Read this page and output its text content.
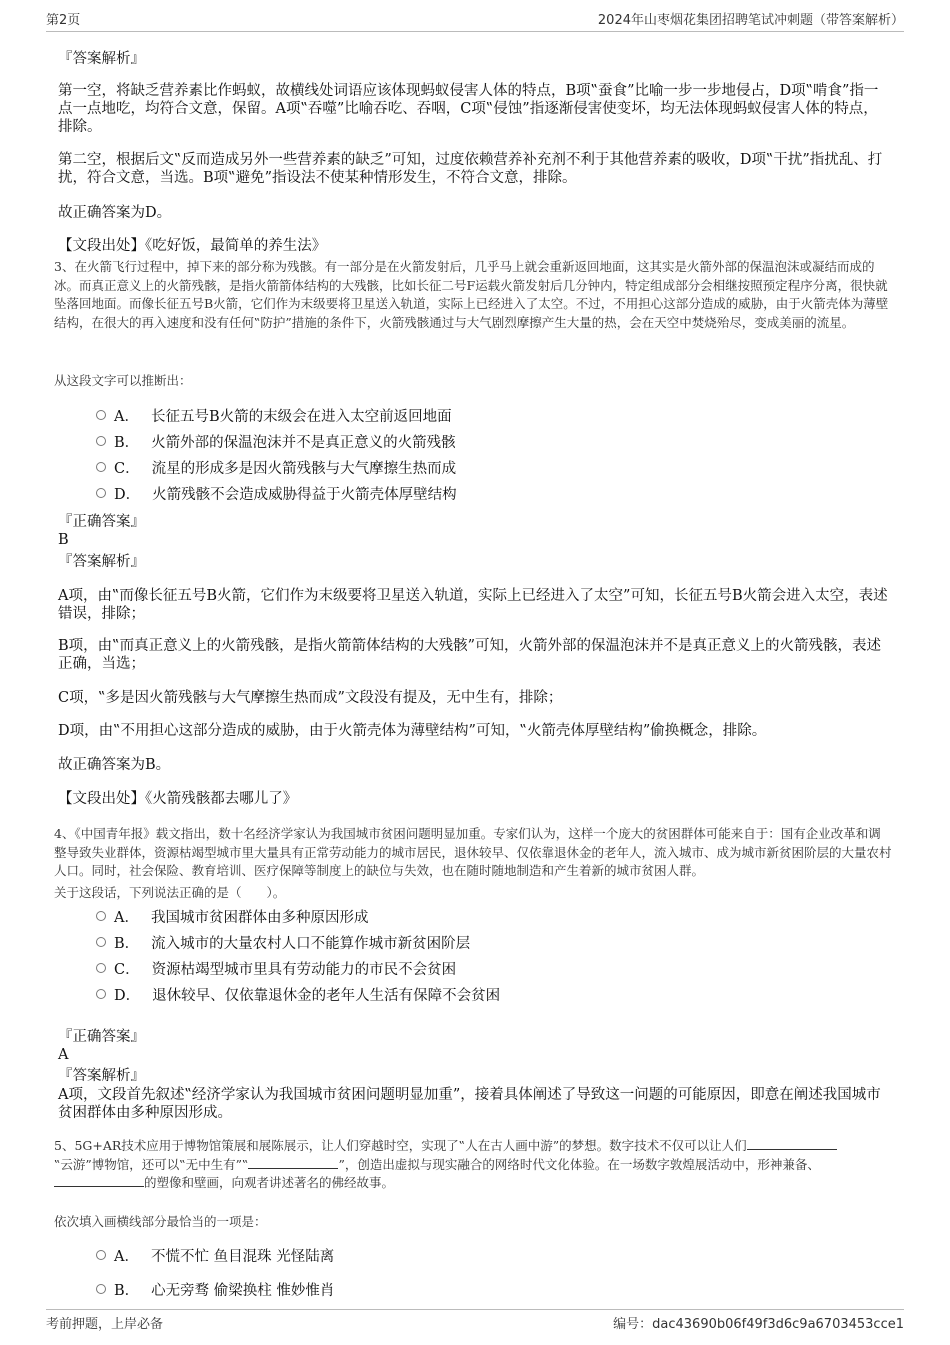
第2页	2024年山枣烟花集团招聘笔试冲刺题（带答案解析）
『答案解析』
第一空，将缺乏营养素比作蚂蚁，故横线处词语应该体现蚂蚁侵害人体的特点，B项‟蚕食”比喻一步一步地侵占，D项‟啃食”指一点一点地吃，均符合文意，保留。A项‟吞噬”比喻吞吃、吞咽，C项‟侵蚀”指逐渐侵害使变坏，均无法体现蚂蚁侵害人体的特点，排除。
第二空，根据后文‟反而造成另外一些营养素的缺乏”可知，过度依赖营养补充剂不利于其他营养素的吸收，D项‟干扰”指扰乱、打扰，符合文意，当选。B项‟避免”指设法不使某种情形发生，不符合文意，排除。
故正确答案为D。
【文段出处】《吃好饭，最简单的养生法》
3、在火箭飞行过程中，掉下来的部分称为残骸。有一部分是在火箭发射后，几乎马上就会重新返回地面，这其实是火箭外部的保温泡沫或凝结而成的冰。而真正意义上的火箭残骸，是指火箭箭体结构的大残骸，比如长征二号F运载火箭发射后几分钟内，特定组成部分会相继按照预定程序分离，很快就坠落回地面。而像长征五号B火箭，它们作为末级要将卫星送入轨道，实际上已经进入了太空。不过，不用担心这部分造成的威胁，由于火箭壳体为薄壁结构，在很大的再入速度和没有任何‟防护”措施的条件下，火箭残骸通过与大气剧烈摩擦产生大量的热，会在天空中焚烧殆尽，变成美丽的流星。
从这段文字可以推断出：
A． 长征五号B火箭的末级会在进入太空前返回地面
B． 火箭外部的保温泡沫并不是真正意义的火箭残骸
C． 流星的形成多是因火箭残骸与大气摩擦生热而成
D． 火箭残骸不会造成威胁得益于火箭壳体厚壁结构
『正确答案』
B
『答案解析』
A项，由‟而像长征五号B火箭，它们作为末级要将卫星送入轨道，实际上已经进入了太空”可知，长征五号B火箭会进入太空，表述错误，排除；
B项，由‟而真正意义上的火箭残骸，是指火箭箭体结构的大残骸”可知，火箭外部的保温泡沫并不是真正意义上的火箭残骸，表述正确，当选；
C项，‟多是因火箭残骸与大气摩擦生热而成”文段没有提及，无中生有，排除；
D项，由‟不用担心这部分造成的威胁，由于火箭壳体为薄壁结构”可知，‟火箭壳体厚壁结构”偷换概念，排除。
故正确答案为B。
【文段出处】《火箭残骸都去哪儿了》
4、《中国青年报》载文指出，数十名经济学家认为我国城市贫困问题明显加重。专家们认为，这样一个庞大的贫困群体可能来自于：国有企业改革和调整导致失业群体，资源枯竭型城市里大量具有正常劳动能力的城市居民，退休较早、仅依靠退休金的老年人，流入城市、成为城市新贫困阶层的大量农村人口。同时，社会保险、教育培训、医疗保障等制度上的缺位与失效，也在随时随地制造和产生着新的城市贫困人群。
关于这段话，下列说法正确的是（　　）。
A． 我国城市贫困群体由多种原因形成
B． 流入城市的大量农村人口不能算作城市新贫困阶层
C． 资源枯竭型城市里具有劳动能力的市民不会贫困
D． 退休较早、仅依靠退休金的老年人生活有保障不会贫困
『正确答案』
A
『答案解析』
A项，文段首先叙述‟经济学家认为我国城市贫困问题明显加重”，接着具体阐述了导致这一问题的可能原因，即意在阐述我国城市贫困群体由多种原因形成。
5、5G+AR技术应用于博物馆策展和展陈展示，让人们穿越时空，实现了‟人在古人画中游”的梦想。数字技术不仅可以让人们
‟云游”博物馆，还可以‟无中生有”‟	”，创造出虚拟与现实融合的网络时代文化体验。在一场数字敦煌展活动中，形神兼备、
的塑像和壁画，向观者讲述著名的佛经故事。
依次填入画横线部分最恰当的一项是：
A． 不慌不忙 鱼目混珠 光怪陆离
B． 心无旁骛 偷梁换柱 惟妙惟肖
考前押题，上岸必备	编号：dac43690b06f49f3d6c9a6703453cce1
